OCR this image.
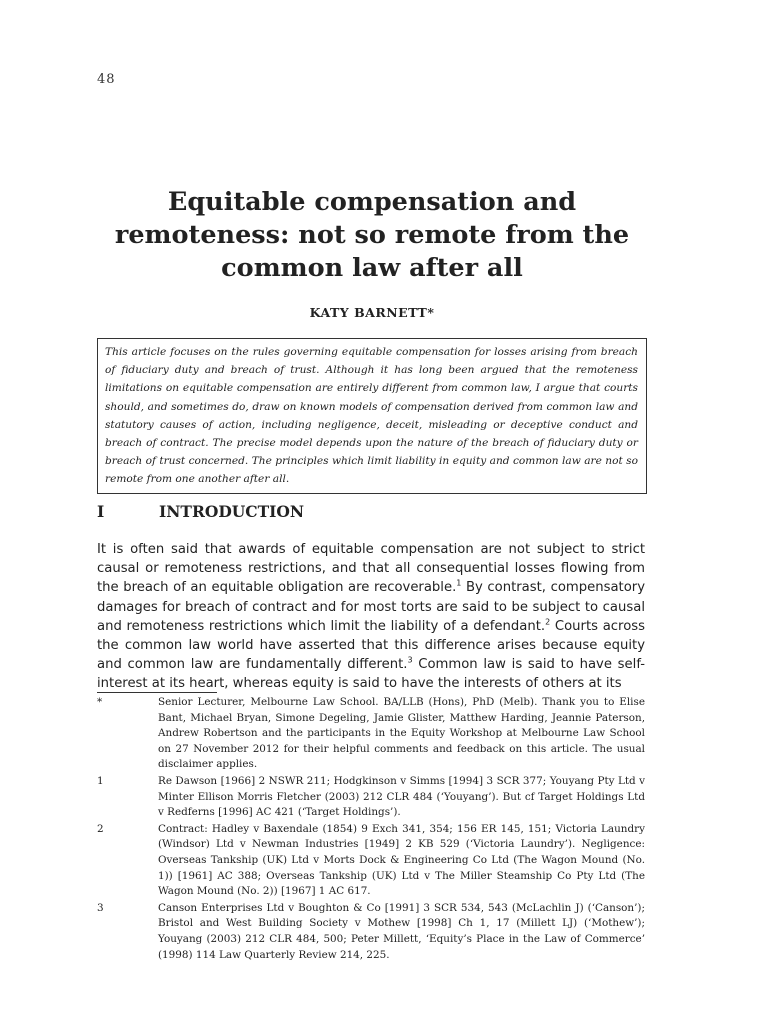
48
Equitable compensation and remoteness: not so remote from the common law after all
KATY BARNETT*
This article focuses on the rules governing equitable compensation for losses arising from breach of fiduciary duty and breach of trust. Although it has long been argued that the remoteness limitations on equitable compensation are entirely different from common law, I argue that courts should, and sometimes do, draw on known models of compensation derived from common law and statutory causes of action, including negligence, deceit, misleading or deceptive conduct and breach of contract. The precise model depends upon the nature of the breach of fiduciary duty or breach of trust concerned. The principles which limit liability in equity and common law are not so remote from one another after all.
I	INTRODUCTION
It is often said that awards of equitable compensation are not subject to strict causal or remoteness restrictions, and that all consequential losses flowing from the breach of an equitable obligation are recoverable.$^1$ By contrast, compensatory damages for breach of contract and for most torts are said to be subject to causal and remoteness restrictions which limit the liability of a defendant.$^2$ Courts across the common law world have asserted that this difference arises because equity and common law are fundamentally different.$^3$ Common law is said to have self-interest at its heart, whereas equity is said to have the interests of others at its
*	Senior Lecturer, Melbourne Law School. BA/LLB (Hons), PhD (Melb). Thank you to Elise Bant, Michael Bryan, Simone Degeling, Jamie Glister, Matthew Harding, Jeannie Paterson, Andrew Robertson and the participants in the Equity Workshop at Melbourne Law School on 27 November 2012 for their helpful comments and feedback on this article. The usual disclaimer applies.
1	Re Dawson [1966] 2 NSWR 211; Hodgkinson v Simms [1994] 3 SCR 377; Youyang Pty Ltd v Minter Ellison Morris Fletcher (2003) 212 CLR 484 (‘Youyang’). But cf Target Holdings Ltd v Redferns [1996] AC 421 (‘Target Holdings’).
2	Contract: Hadley v Baxendale (1854) 9 Exch 341, 354; 156 ER 145, 151; Victoria Laundry (Windsor) Ltd v Newman Industries [1949] 2 KB 529 (‘Victoria Laundry’). Negligence: Overseas Tankship (UK) Ltd v Morts Dock & Engineering Co Ltd (The Wagon Mound (No. 1)) [1961] AC 388; Overseas Tankship (UK) Ltd v The Miller Steamship Co Pty Ltd (The Wagon Mound (No. 2)) [1967] 1 AC 617.
3	Canson Enterprises Ltd v Boughton & Co [1991] 3 SCR 534, 543 (McLachlin J) (‘Canson’); Bristol and West Building Society v Mothew [1998] Ch 1, 17 (Millett LJ) (‘Mothew’); Youyang (2003) 212 CLR 484, 500; Peter Millett, ‘Equity’s Place in the Law of Commerce’ (1998) 114 Law Quarterly Review 214, 225.
